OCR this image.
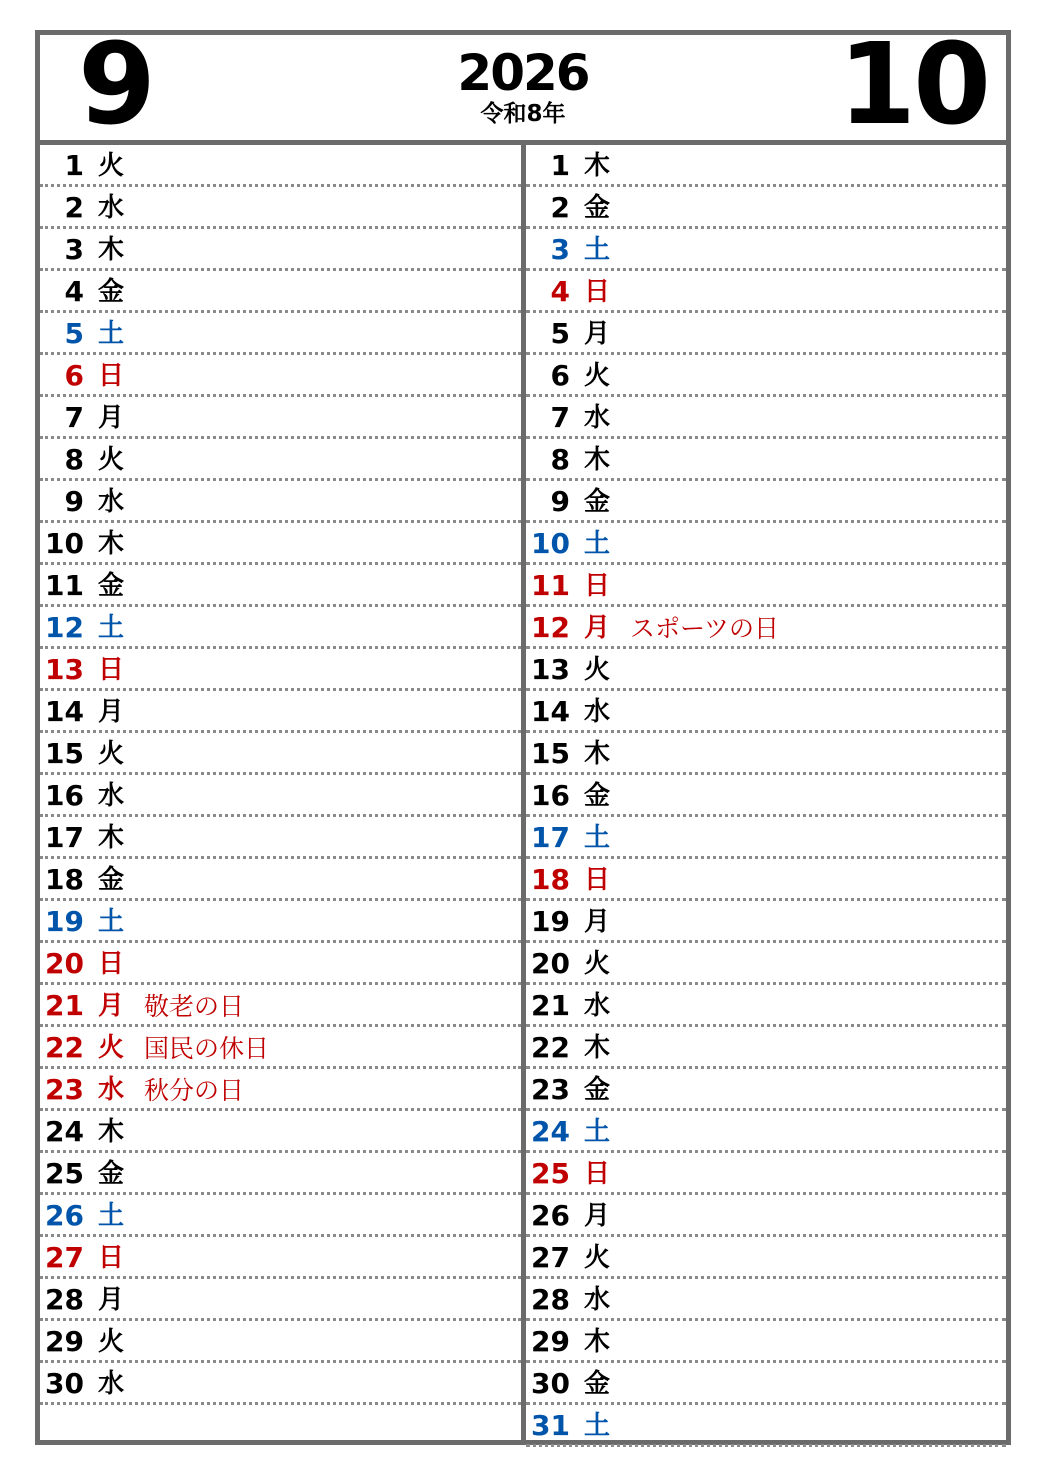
9	2026
令和8年	10
1 火
2 水
3 木
4 金
5 土
6 日
7 月
8 火
9 水
10 木
11 金
12 土
13 日
14 月
15 火
16 水
17 木
18 金
19 土
20 日
21 月 敬老の日
22 火 国民の休日
23 水 秋分の日
24 木
25 金
26 土
27 日
28 月
29 火
30 水
1 木
2 金
3 土
4 日
5 月
6 火
7 水
8 木
9 金
10 土
11 日
12 月 スポーツの日
13 火
14 水
15 木
16 金
17 土
18 日
19 月
20 火
21 水
22 木
23 金
24 土
25 日
26 月
27 火
28 水
29 木
30 金
31 土
